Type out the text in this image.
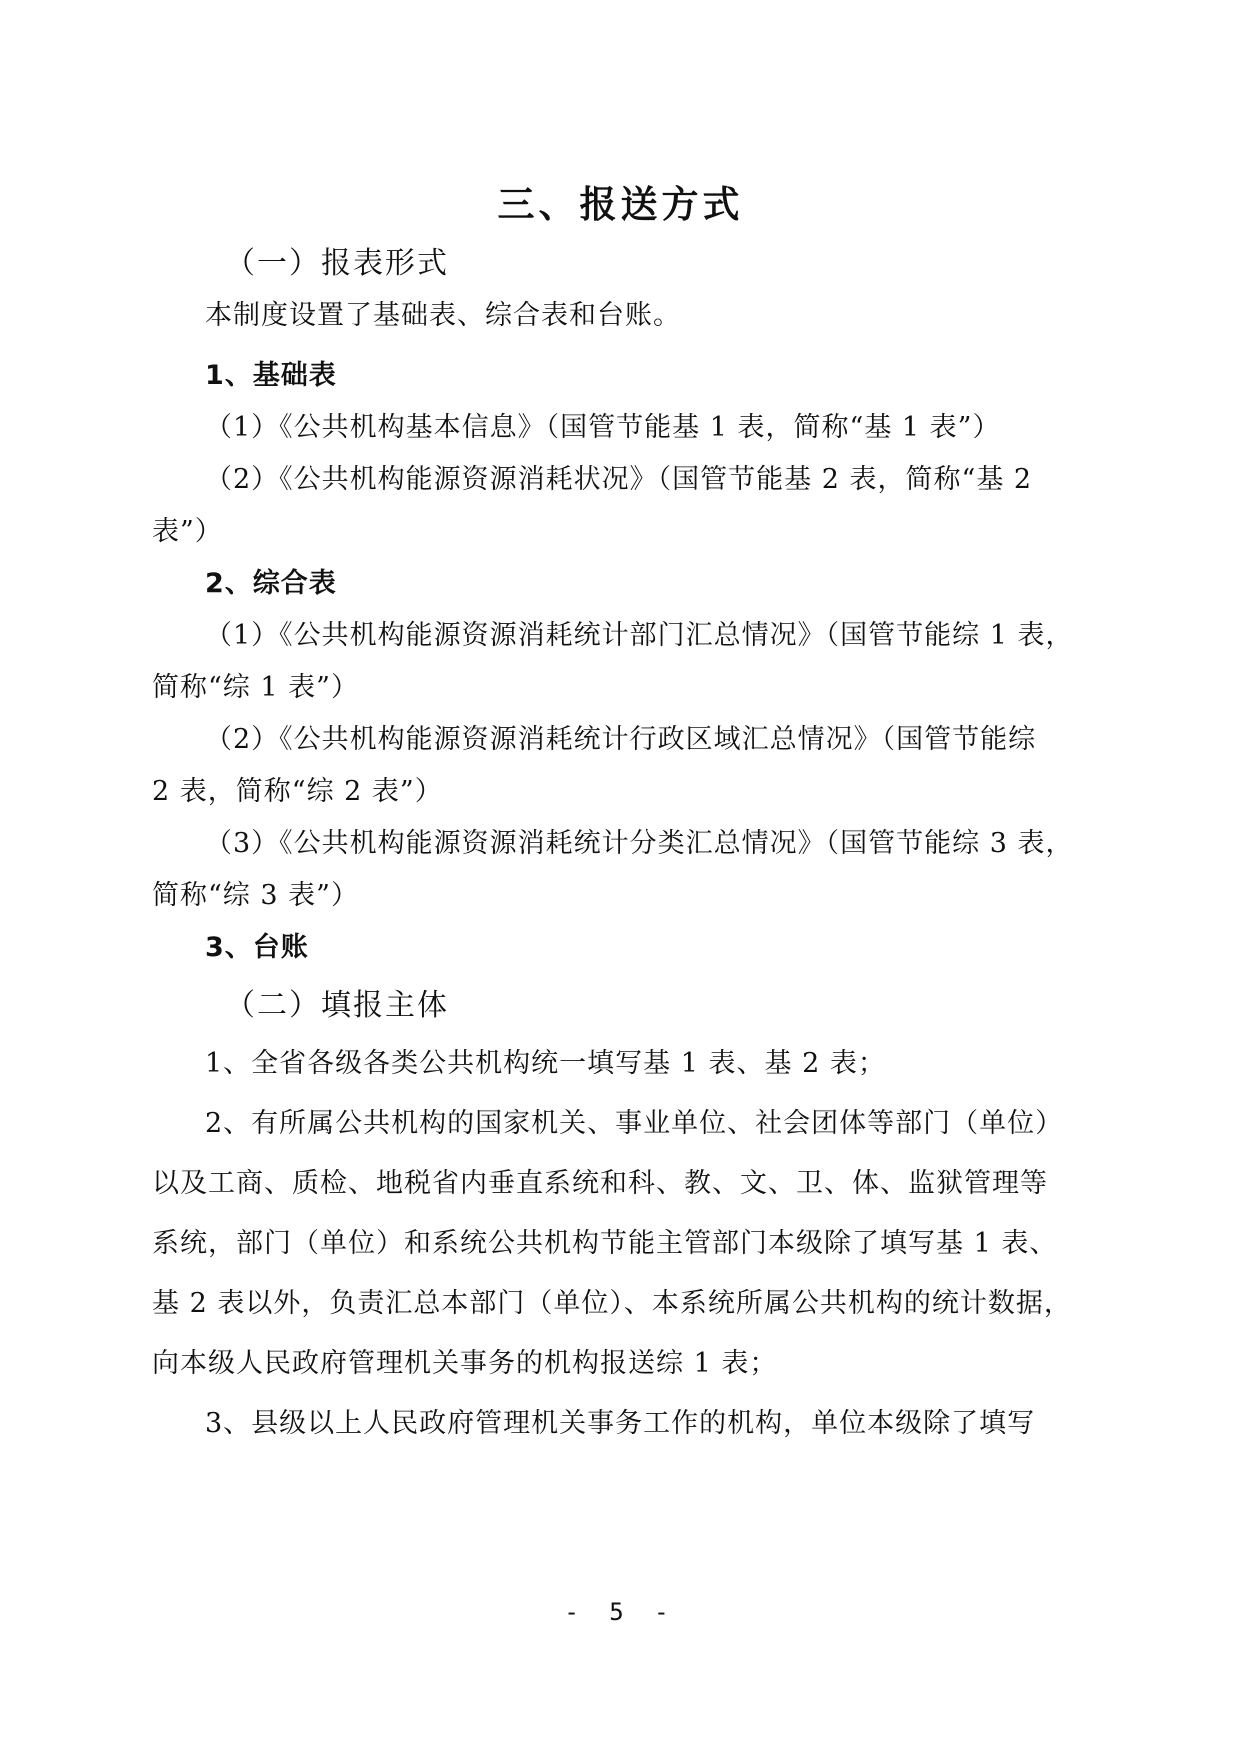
三、报送方式
（一）报表形式
本制度设置了基础表、综合表和台账。
1、基础表
（1）《公共机构基本信息》（国管节能基 1 表，简称“基 1 表”）
（2）《公共机构能源资源消耗状况》（国管节能基 2 表，简称“基 2
表”）
2、综合表
（1）《公共机构能源资源消耗统计部门汇总情况》（国管节能综 1 表，
简称“综 1 表”）
（2）《公共机构能源资源消耗统计行政区域汇总情况》（国管节能综
2 表，简称“综 2 表”）
（3）《公共机构能源资源消耗统计分类汇总情况》（国管节能综 3 表，
简称“综 3 表”）
3、台账
（二）填报主体
1、全省各级各类公共机构统一填写基 1 表、基 2 表；
2、有所属公共机构的国家机关、事业单位、社会团体等部门（单位）
以及工商、质检、地税省内垂直系统和科、教、文、卫、体、监狱管理等
系统，部门（单位）和系统公共机构节能主管部门本级除了填写基 1 表、
基 2 表以外，负责汇总本部门（单位）、本系统所属公共机构的统计数据，
向本级人民政府管理机关事务的机构报送综 1 表；
3、县级以上人民政府管理机关事务工作的机构，单位本级除了填写
- 5 -
